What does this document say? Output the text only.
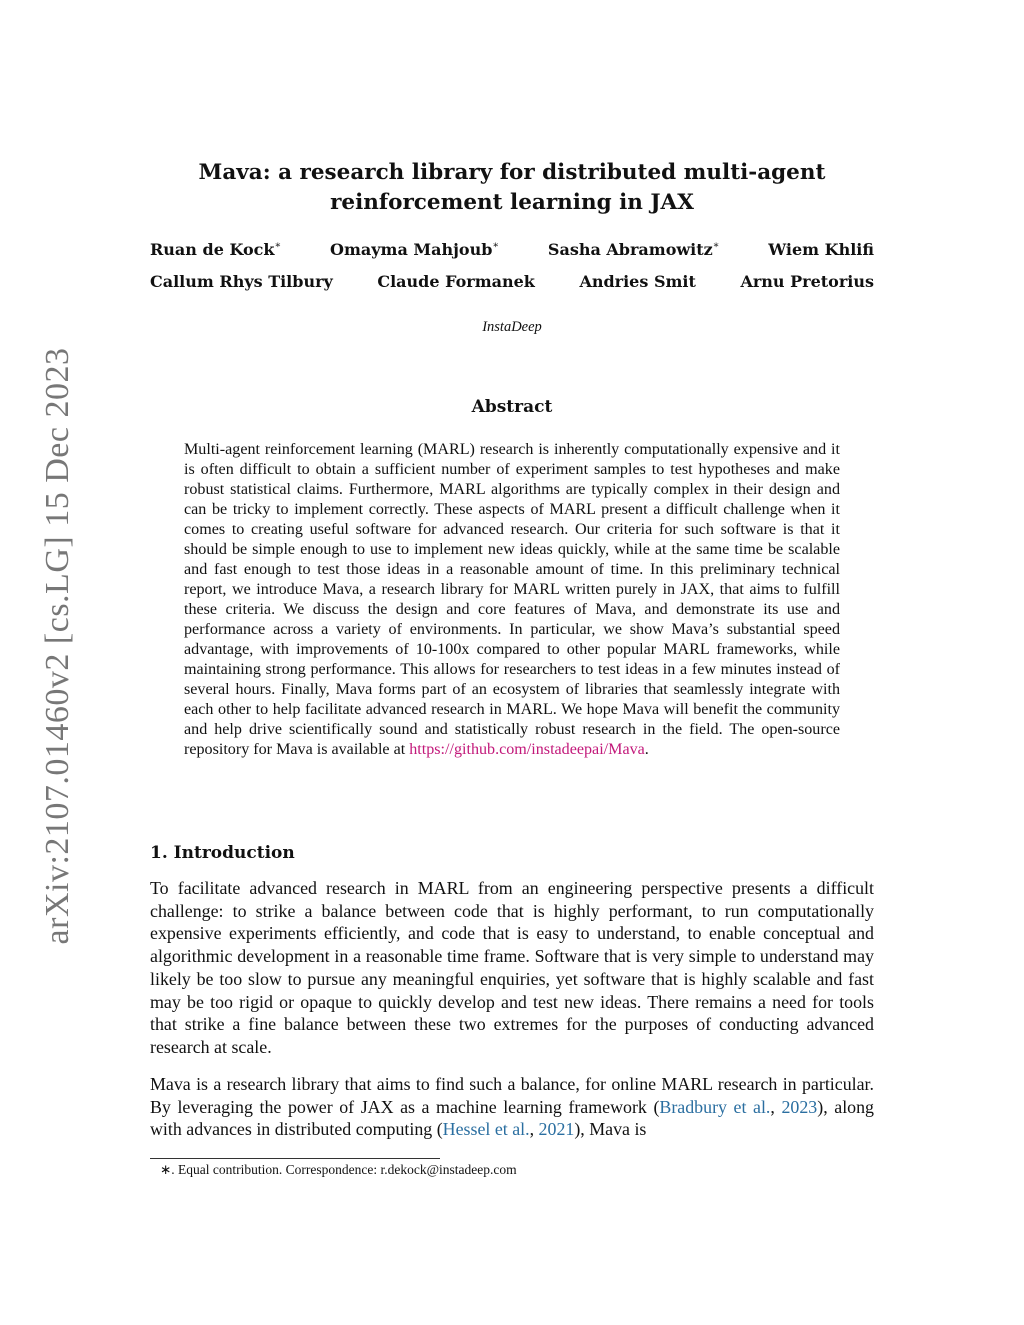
arXiv:2107.01460v2 [cs.LG] 15 Dec 2023
Mava: a research library for distributed multi-agent
reinforcement learning in JAX
Ruan de Kock∗	Omayma Mahjoub∗	Sasha Abramowitz∗	Wiem Khlifi
Callum Rhys Tilbury	Claude Formanek	Andries Smit	Arnu Pretorius
InstaDeep
Abstract
Multi-agent reinforcement learning (MARL) research is inherently computationally expensive and it is often difficult to obtain a sufficient number of experiment samples to test hypotheses and make robust statistical claims. Furthermore, MARL algorithms are typically complex in their design and can be tricky to implement correctly. These aspects of MARL present a difficult challenge when it comes to creating useful software for advanced research. Our criteria for such software is that it should be simple enough to use to implement new ideas quickly, while at the same time be scalable and fast enough to test those ideas in a reasonable amount of time. In this preliminary technical report, we introduce Mava, a research library for MARL written purely in JAX, that aims to fulfill these criteria. We discuss the design and core features of Mava, and demonstrate its use and performance across a variety of environments. In particular, we show Mava’s substantial speed advantage, with improvements of 10-100x compared to other popular MARL frameworks, while maintaining strong performance. This allows for researchers to test ideas in a few minutes instead of several hours. Finally, Mava forms part of an ecosystem of libraries that seamlessly integrate with each other to help facilitate advanced research in MARL. We hope Mava will benefit the community and help drive scientifically sound and statistically robust research in the field. The open-source repository for Mava is available at https://github.com/instadeepai/Mava.
1. Introduction
To facilitate advanced research in MARL from an engineering perspective presents a difficult challenge: to strike a balance between code that is highly performant, to run computationally expensive experiments efficiently, and code that is easy to understand, to enable conceptual and algorithmic development in a reasonable time frame. Software that is very simple to understand may likely be too slow to pursue any meaningful enquiries, yet software that is highly scalable and fast may be too rigid or opaque to quickly develop and test new ideas. There remains a need for tools that strike a fine balance between these two extremes for the purposes of conducting advanced research at scale.
Mava is a research library that aims to find such a balance, for online MARL research in particular. By leveraging the power of JAX as a machine learning framework (Bradbury et al., 2023), along with advances in distributed computing (Hessel et al., 2021), Mava is
∗. Equal contribution. Correspondence: r.dekock@instadeep.com
